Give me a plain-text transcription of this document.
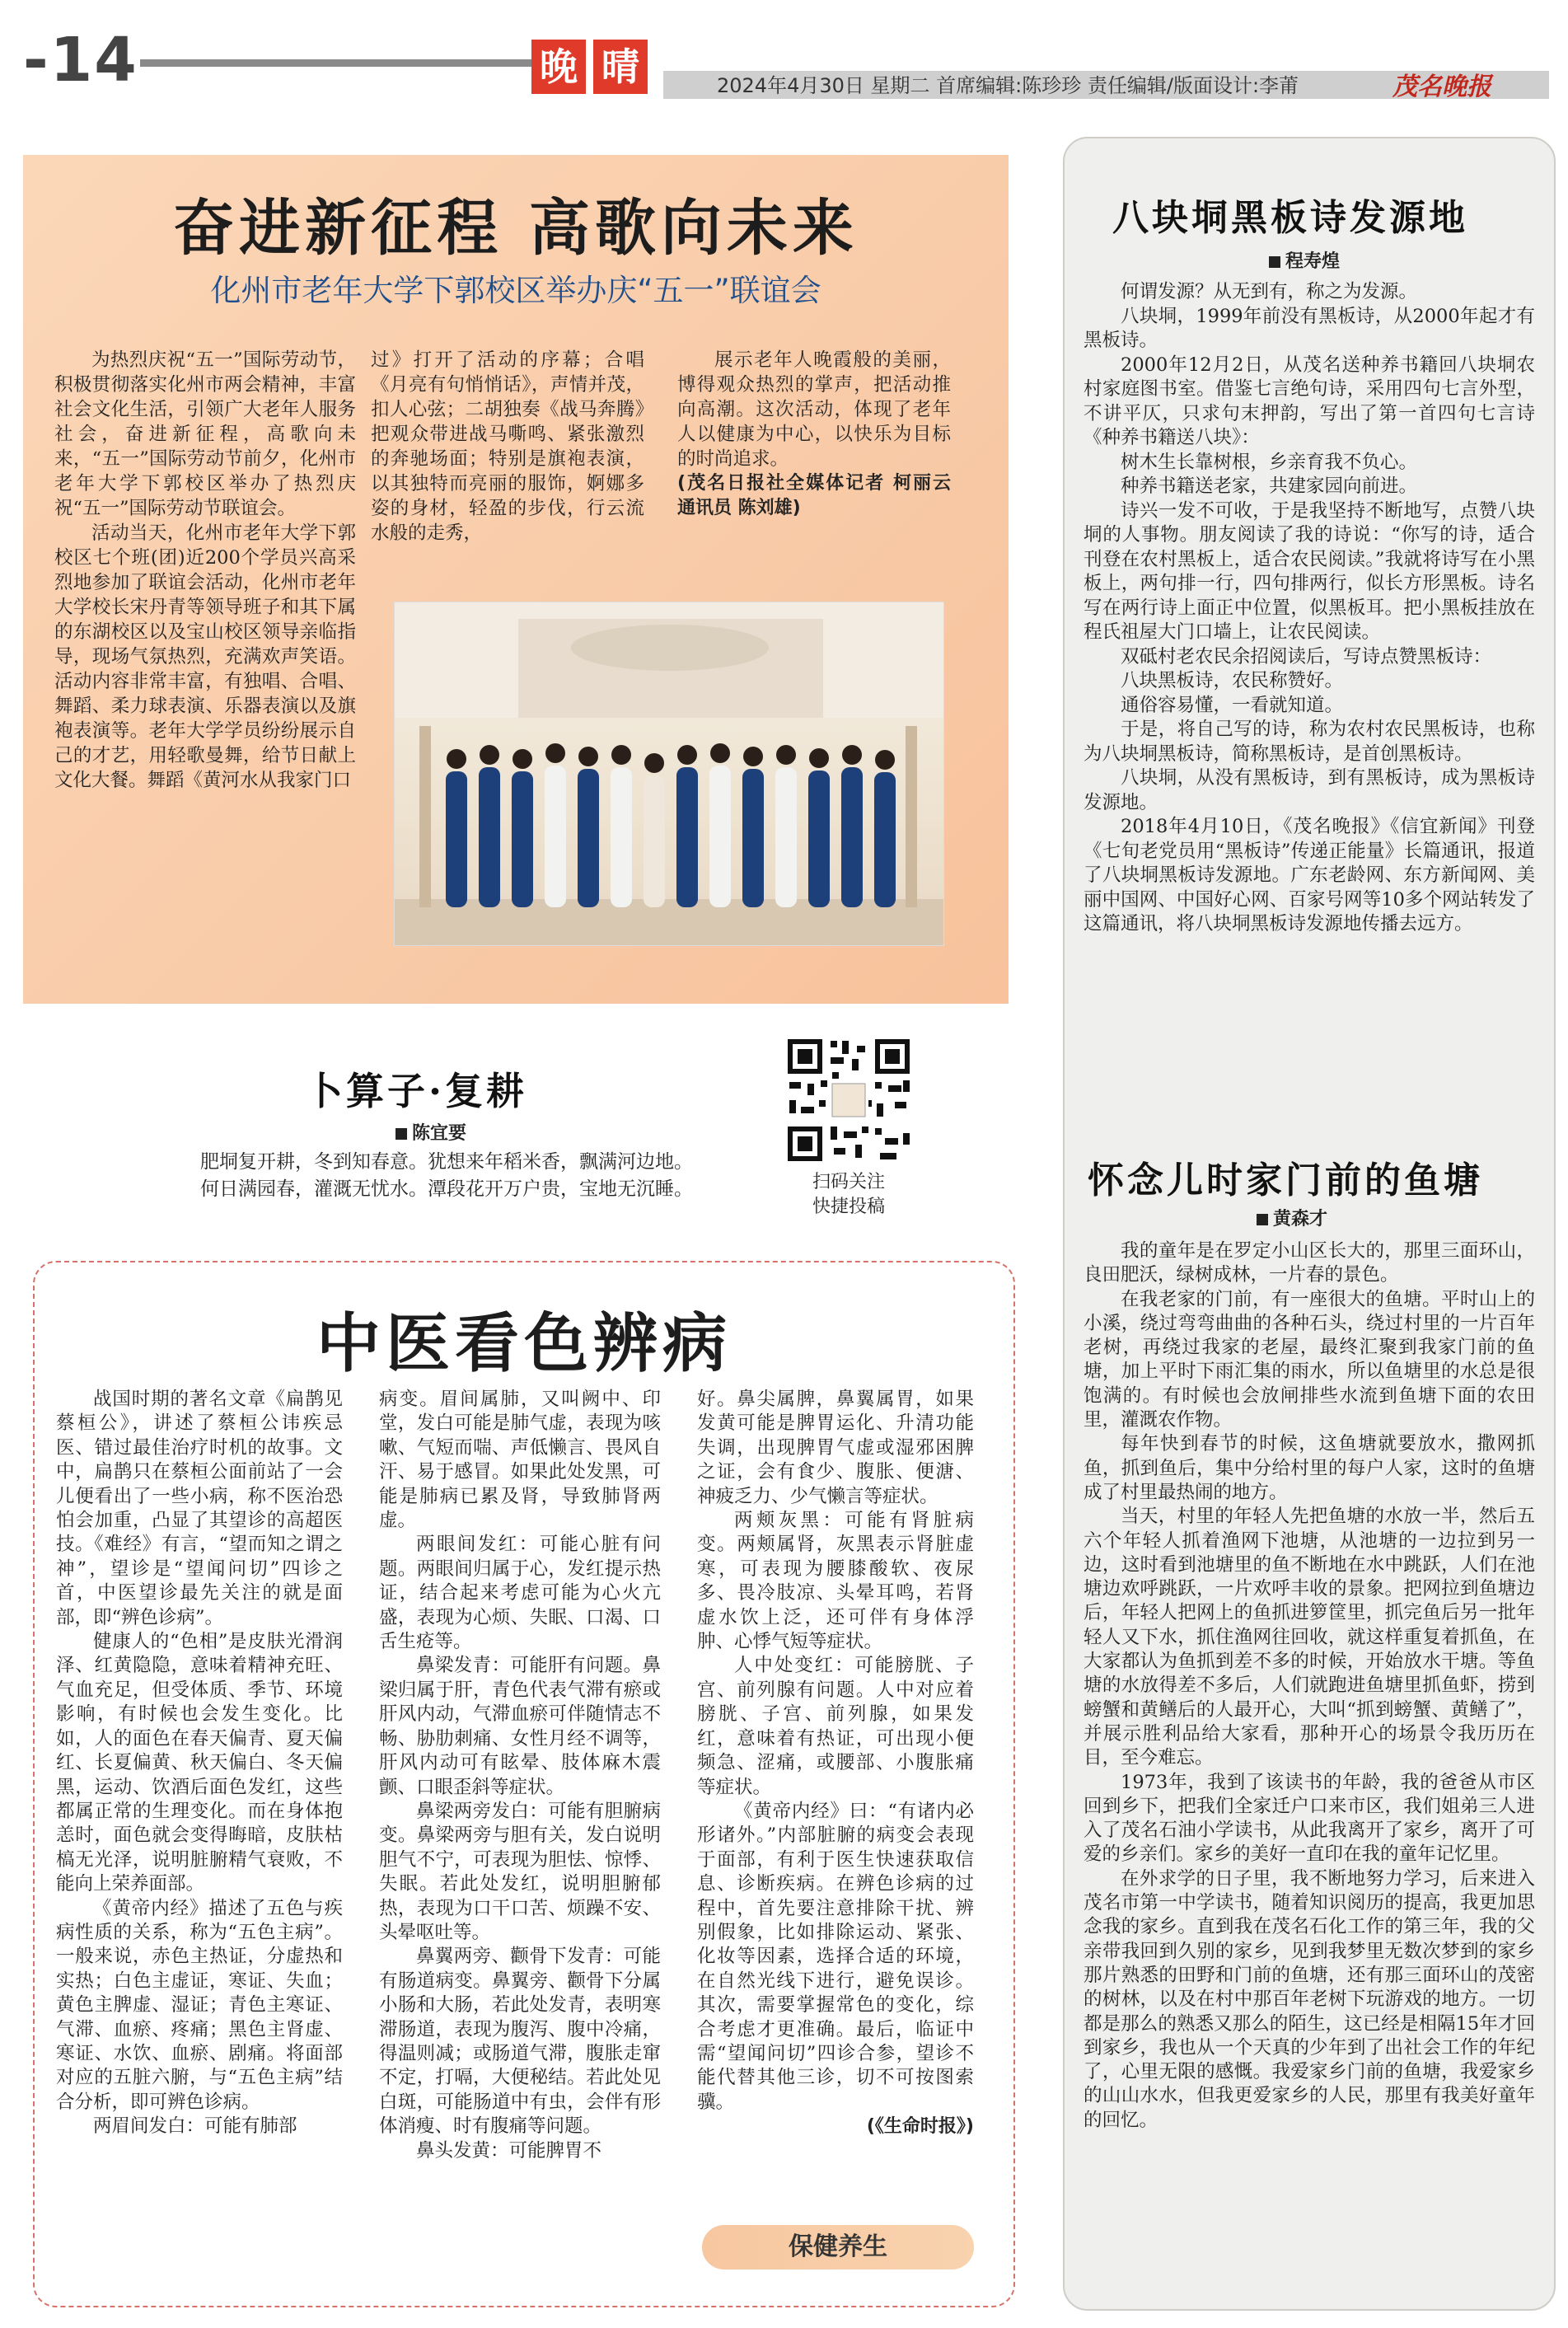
-14	晚 晴	2024年4月30日 星期二 首席编辑:陈珍珍 责任编辑/版面设计:李莆	茂名晚报
奋进新征程 高歌向未来
化州市老年大学下郭校区举办庆“五一”联谊会

为热烈庆祝“五一”国际劳动节，积极贯彻落实化州市两会精神，丰富社会文化生活，引领广大老年人服务社会，奋进新征程，高歌向未来，“五一”国际劳动节前夕，化州市老年大学下郭校区举办了热烈庆祝“五一”国际劳动节联谊会。

活动当天，化州市老年大学下郭校区七个班(团)近200个学员兴高采烈地参加了联谊会活动，化州市老年大学校长宋丹青等领导班子和其下属的东湖校区以及宝山校区领导亲临指导，现场气氛热烈，充满欢声笑语。活动内容非常丰富，有独唱、合唱、舞蹈、柔力球表演、乐器表演以及旗袍表演等。老年大学学员纷纷展示自己的才艺，用轻歌曼舞，给节日献上文化大餐。舞蹈《黄河水从我家门口

过》打开了活动的序幕；合唱《月亮有句悄悄话》，声情并茂，扣人心弦；二胡独奏《战马奔腾》把观众带进战马嘶鸣、紧张激烈的奔驰场面；特别是旗袍表演，以其独特而亮丽的服饰，婀娜多姿的身材，轻盈的步伐，行云流水般的走秀，

展示老年人晚霞般的美丽，博得观众热烈的掌声，把活动推向高潮。这次活动，体现了老年人以健康为中心，以快乐为目标的时尚追求。

(茂名日报社全媒体记者 柯丽云 通讯员 陈刘雄)

卜算子·复耕
陈宜要
肥垌复开耕，冬到知春意。犹想来年稻米香，飘满河边地。
何日满园春，灌溉无忧水。潭段花开万户贵，宝地无沉睡。	扫码关注
快捷投稿
中医看色辨病

战国时期的著名文章《扁鹊见蔡桓公》，讲述了蔡桓公讳疾忌医、错过最佳治疗时机的故事。文中，扁鹊只在蔡桓公面前站了一会儿便看出了一些小病，称不医治恐怕会加重，凸显了其望诊的高超医技。《难经》有言，“望而知之谓之神”，望诊是“望闻问切”四诊之首，中医望诊最先关注的就是面部，即“辨色诊病”。

健康人的“色相”是皮肤光滑润泽、红黄隐隐，意味着精神充旺、气血充足，但受体质、季节、环境影响，有时候也会发生变化。比如，人的面色在春天偏青、夏天偏红、长夏偏黄、秋天偏白、冬天偏黑，运动、饮酒后面色发红，这些都属正常的生理变化。而在身体抱恙时，面色就会变得晦暗，皮肤枯槁无光泽，说明脏腑精气衰败，不能向上荣养面部。

《黄帝内经》描述了五色与疾病性质的关系，称为“五色主病”。一般来说，赤色主热证，分虚热和实热；白色主虚证，寒证、失血；黄色主脾虚、湿证；青色主寒证、气滞、血瘀、疼痛；黑色主肾虚、寒证、水饮、血瘀、剧痛。将面部对应的五脏六腑，与“五色主病”结合分析，即可辨色诊病。

两眉间发白：可能有肺部

病变。眉间属肺，又叫阙中、印堂，发白可能是肺气虚，表现为咳嗽、气短而喘、声低懒言、畏风自汗、易于感冒。如果此处发黑，可能是肺病已累及肾，导致肺肾两虚。

两眼间发红：可能心脏有问题。两眼间归属于心，发红提示热证，结合起来考虑可能为心火亢盛，表现为心烦、失眠、口渴、口舌生疮等。

鼻梁发青：可能肝有问题。鼻梁归属于肝，青色代表气滞有瘀或肝风内动，气滞血瘀可伴随情志不畅、胁肋刺痛、女性月经不调等，肝风内动可有眩晕、肢体麻木震颤、口眼歪斜等症状。

鼻梁两旁发白：可能有胆腑病变。鼻梁两旁与胆有关，发白说明胆气不宁，可表现为胆怯、惊悸、失眠。若此处发红，说明胆腑郁热，表现为口干口苦、烦躁不安、头晕呕吐等。

鼻翼两旁、颧骨下发青：可能有肠道病变。鼻翼旁、颧骨下分属小肠和大肠，若此处发青，表明寒滞肠道，表现为腹泻、腹中冷痛，得温则减；或肠道气滞，腹胀走窜不定，打嗝，大便秘结。若此处见白斑，可能肠道中有虫，会伴有形体消瘦、时有腹痛等问题。

鼻头发黄：可能脾胃不

好。鼻尖属脾，鼻翼属胃，如果发黄可能是脾胃运化、升清功能失调，出现脾胃气虚或湿邪困脾之证，会有食少、腹胀、便溏、神疲乏力、少气懒言等症状。

两颊灰黑：可能有肾脏病变。两颊属肾，灰黑表示肾脏虚寒，可表现为腰膝酸软、夜尿多、畏冷肢凉、头晕耳鸣，若肾虚水饮上泛，还可伴有身体浮肿、心悸气短等症状。

人中处变红：可能膀胱、子宫、前列腺有问题。人中对应着膀胱、子宫、前列腺，如果发红，意味着有热证，可出现小便频急、涩痛，或腰部、小腹胀痛等症状。

《黄帝内经》曰：“有诸内必形诸外。”内部脏腑的病变会表现于面部，有利于医生快速获取信息、诊断疾病。在辨色诊病的过程中，首先要注意排除干扰、辨别假象，比如排除运动、紧张、化妆等因素，选择合适的环境，在自然光线下进行，避免误诊。其次，需要掌握常色的变化，综合考虑才更准确。最后，临证中需“望闻问切”四诊合参，望诊不能代替其他三诊，切不可按图索骥。

(《生命时报》)

保健养生
八块垌黑板诗发源地
程寿煌

何谓发源？从无到有，称之为发源。

八块垌，1999年前没有黑板诗，从2000年起才有黑板诗。

2000年12月2日，从茂名送种养书籍回八块垌农村家庭图书室。借鉴七言绝句诗，采用四句七言外型，不讲平仄，只求句末押韵，写出了第一首四句七言诗《种养书籍送八块》：

树木生长靠树根，乡亲育我不负心。

种养书籍送老家，共建家园向前进。

诗兴一发不可收，于是我坚持不断地写，点赞八块垌的人事物。朋友阅读了我的诗说：“你写的诗，适合刊登在农村黑板上，适合农民阅读。”我就将诗写在小黑板上，两句排一行，四句排两行，似长方形黑板。诗名写在两行诗上面正中位置，似黑板耳。把小黑板挂放在程氏祖屋大门口墙上，让农民阅读。

双砥村老农民余招阅读后，写诗点赞黑板诗：

八块黑板诗，农民称赞好。

通俗容易懂，一看就知道。

于是，将自己写的诗，称为农村农民黑板诗，也称为八块垌黑板诗，简称黑板诗，是首创黑板诗。

八块垌，从没有黑板诗，到有黑板诗，成为黑板诗发源地。

2018年4月10日，《茂名晚报》《信宜新闻》刊登《七旬老党员用“黑板诗”传递正能量》长篇通讯，报道了八块垌黑板诗发源地。广东老龄网、东方新闻网、美丽中国网、中国好心网、百家号网等10多个网站转发了这篇通讯，将八块垌黑板诗发源地传播去远方。

怀念儿时家门前的鱼塘
黄森才

我的童年是在罗定小山区长大的，那里三面环山，良田肥沃，绿树成林，一片春的景色。

在我老家的门前，有一座很大的鱼塘。平时山上的小溪，绕过弯弯曲曲的各种石头，绕过村里的一片百年老树，再绕过我家的老屋，最终汇聚到我家门前的鱼塘，加上平时下雨汇集的雨水，所以鱼塘里的水总是很饱满的。有时候也会放闸排些水流到鱼塘下面的农田里，灌溉农作物。

每年快到春节的时候，这鱼塘就要放水，撒网抓鱼，抓到鱼后，集中分给村里的每户人家，这时的鱼塘成了村里最热闹的地方。

当天，村里的年轻人先把鱼塘的水放一半，然后五六个年轻人抓着渔网下池塘，从池塘的一边拉到另一边，这时看到池塘里的鱼不断地在水中跳跃，人们在池塘边欢呼跳跃，一片欢呼丰收的景象。把网拉到鱼塘边后，年轻人把网上的鱼抓进箩筐里，抓完鱼后另一批年轻人又下水，抓住渔网往回收，就这样重复着抓鱼，在大家都认为鱼抓到差不多的时候，开始放水干塘。等鱼塘的水放得差不多后，人们就跑进鱼塘里抓鱼虾，捞到螃蟹和黄鳝后的人最开心，大叫“抓到螃蟹、黄鳝了”，并展示胜利品给大家看，那种开心的场景令我历历在目，至今难忘。

1973年，我到了该读书的年龄，我的爸爸从市区回到乡下，把我们全家迁户口来市区，我们姐弟三人进入了茂名石油小学读书，从此我离开了家乡，离开了可爱的乡亲们。家乡的美好一直印在我的童年记忆里。

在外求学的日子里，我不断地努力学习，后来进入茂名市第一中学读书，随着知识阅历的提高，我更加思念我的家乡。直到我在茂名石化工作的第三年，我的父亲带我回到久别的家乡，见到我梦里无数次梦到的家乡那片熟悉的田野和门前的鱼塘，还有那三面环山的茂密的树林，以及在村中那百年老树下玩游戏的地方。一切都是那么的熟悉又那么的陌生，这已经是相隔15年才回到家乡，我也从一个天真的少年到了出社会工作的年纪了，心里无限的感慨。我爱家乡门前的鱼塘，我爱家乡的山山水水，但我更爱家乡的人民，那里有我美好童年的回忆。
